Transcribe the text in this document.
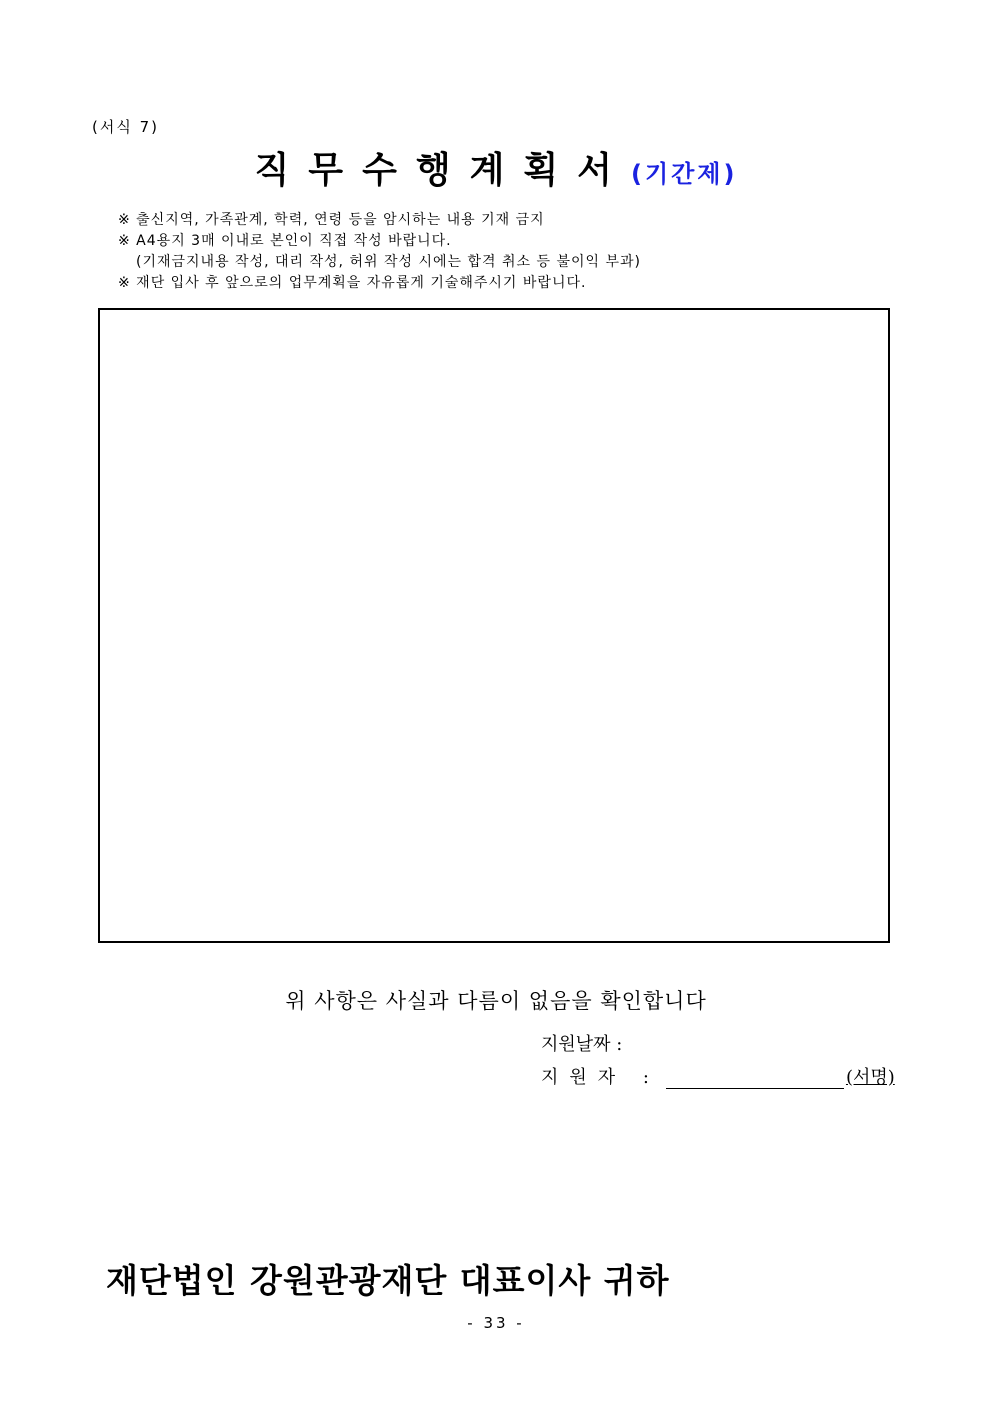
(서식 7)
직무수행계획서(기간제)
※ 출신지역, 가족관계, 학력, 연령 등을 암시하는 내용 기재 금지
※ A4용지 3매 이내로 본인이 직접 작성 바랍니다.
(기재금지내용 작성, 대리 작성, 허위 작성 시에는 합격 취소 등 불이익 부과)
※ 재단 입사 후 앞으로의 업무계획을 자유롭게 기술해주시기 바랍니다.
위 사항은 사실과 다름이 없음을 확인합니다
지원날짜 :
지원자 :	(서명)
재단법인 강원관광재단 대표이사 귀하
- 33 -
